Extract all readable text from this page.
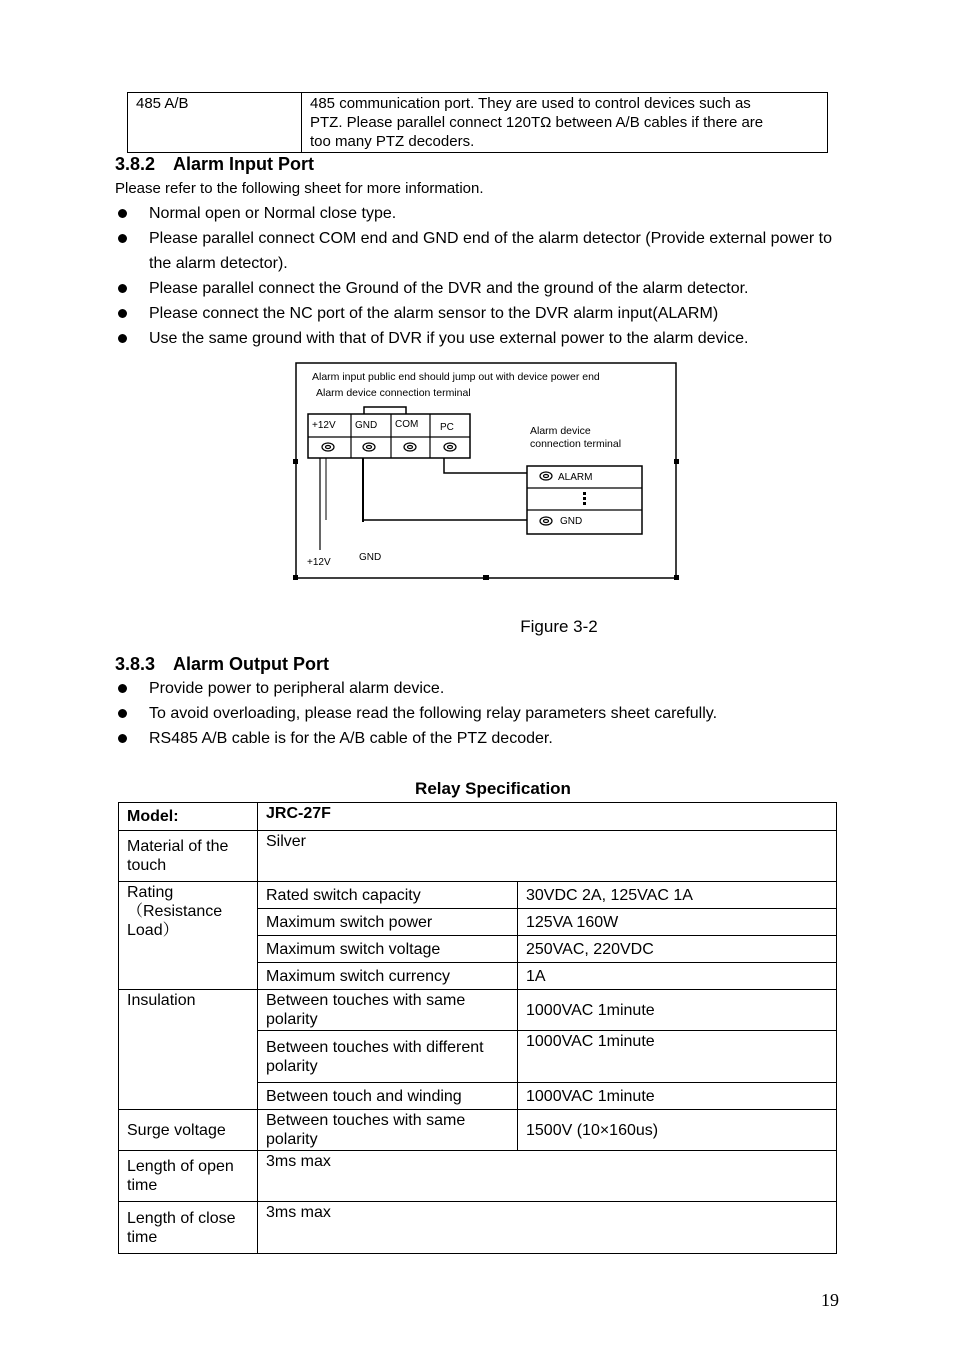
485 A/B	485 communication port. They are used to control devices such as
PTZ. Please parallel connect 120TΩ between A/B cables if there are
too many PTZ decoders.
3.8.2 Alarm Input Port

Please refer to the following sheet for more information.

Normal open or Normal close type.
Please parallel connect COM end and GND end of the alarm detector (Provide external power to the alarm detector).
Please parallel connect the Ground of the DVR and the ground of the alarm detector.
Please connect the NC port of the alarm sensor to the DVR alarm input(ALARM)
Use the same ground with that of DVR if you use external power to the alarm device.
Alarm input public end should jump out with device power end
Alarm device connection terminal
+12V GND COM PC	Alarm device
connection terminal
ALARM
GND
+12V	GND
Figure 3-2
3.8.3 Alarm Output Port
Provide power to peripheral alarm device.
To avoid overloading, please read the following relay parameters sheet carefully.
RS485 A/B cable is for the A/B cable of the PTZ decoder.
Relay Specification
Model:	JRC-27F	
Material of the touch	Silver	
Rating（Resistance Load）	Rated switch capacity	30VDC 2A, 125VAC 1A
	Maximum switch power	125VA 160W
	Maximum switch voltage	250VAC, 220VDC
	Maximum switch currency	1A
Insulation	Between touches with same polarity	1000VAC 1minute
	Between touches with different polarity	1000VAC 1minute
	Between touch and winding	1000VAC 1minute
Surge voltage	Between touches with same polarity	1500V (10×160us)
Length of open time	3ms max	
Length of close time	3ms max	
19
